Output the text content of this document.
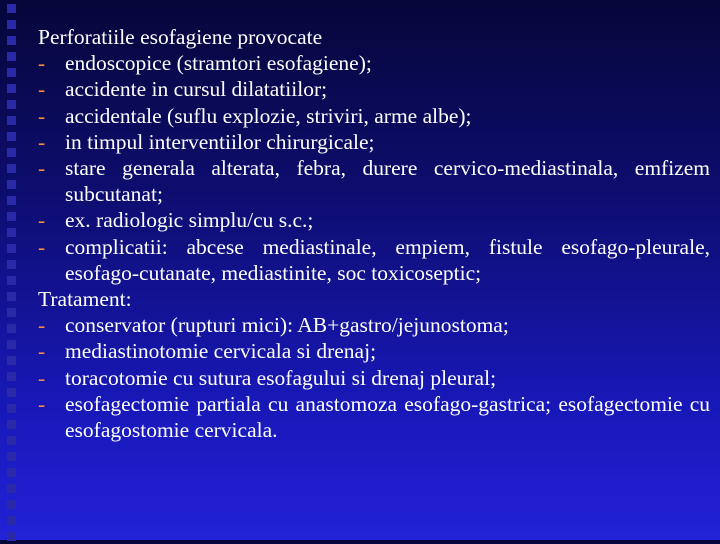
Perforatiile esofagiene provocate
- endoscopice (stramtori esofagiene);
- accidente in cursul dilatatiilor;
- accidentale (suflu explozie, striviri, arme albe);
- in timpul interventiilor chirurgicale;
- stare generala alterata, febra, durere cervico-mediastinala, emfizem subcutanat;
- ex. radiologic simplu/cu s.c.;
- complicatii: abcese mediastinale, empiem, fistule esofago-pleurale, esofago-cutanate, mediastinite, soc toxicoseptic;
Tratament:
- conservator (rupturi mici): AB+gastro/jejunostoma;
- mediastinotomie cervicala si drenaj;
- toracotomie cu sutura esofagului si drenaj pleural;
- esofagectomie partiala cu anastomoza esofago-gastrica; esofagectomie cu esofagostomie cervicala.
